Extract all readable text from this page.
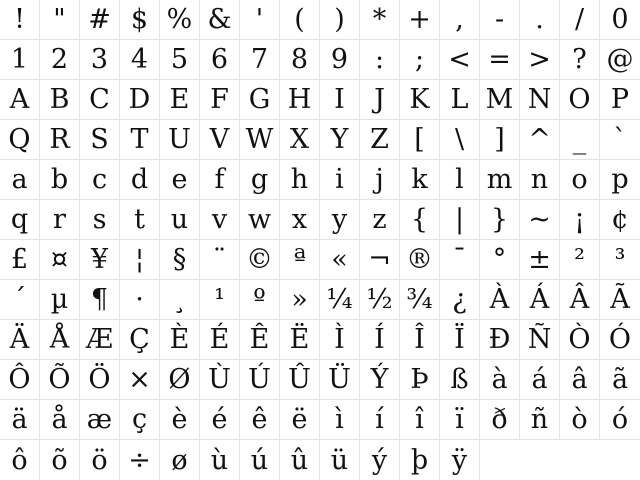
!	" # $ % & '	(	)	* + ,	-	.	/	0
1 2 3 4 5 6 7 8 9 :	; < = > ? @
A B C D E F G H I	J K L M N O P
Q R S T U V W X Y Z [	\	] ^ _	`
a b c d e	f g h i	j	k	l m n o p
q r s	t u v w x y z { | } ~ ¡ ¢
£ ¤ ¥ ¦	§ ¨ © ª « ¬ ® ¯ ° ± ²	³
´ µ ¶	·	¸	¹	º » ¼ ½ ¾ ¿ À Á Â Ã
Ä Å Æ Ç È É Ê Ë Ì	Í	Î	Ï Ð Ñ Ò Ó
Ô Õ Ö × Ø Ù Ú Û Ü Ý Þ ß à á â ã
ä å æ ç è é ê ë	ì	í	î	ï	ð ñ ò ó
ô õ ö ÷ ø ù ú û ü ý þ ÿ
